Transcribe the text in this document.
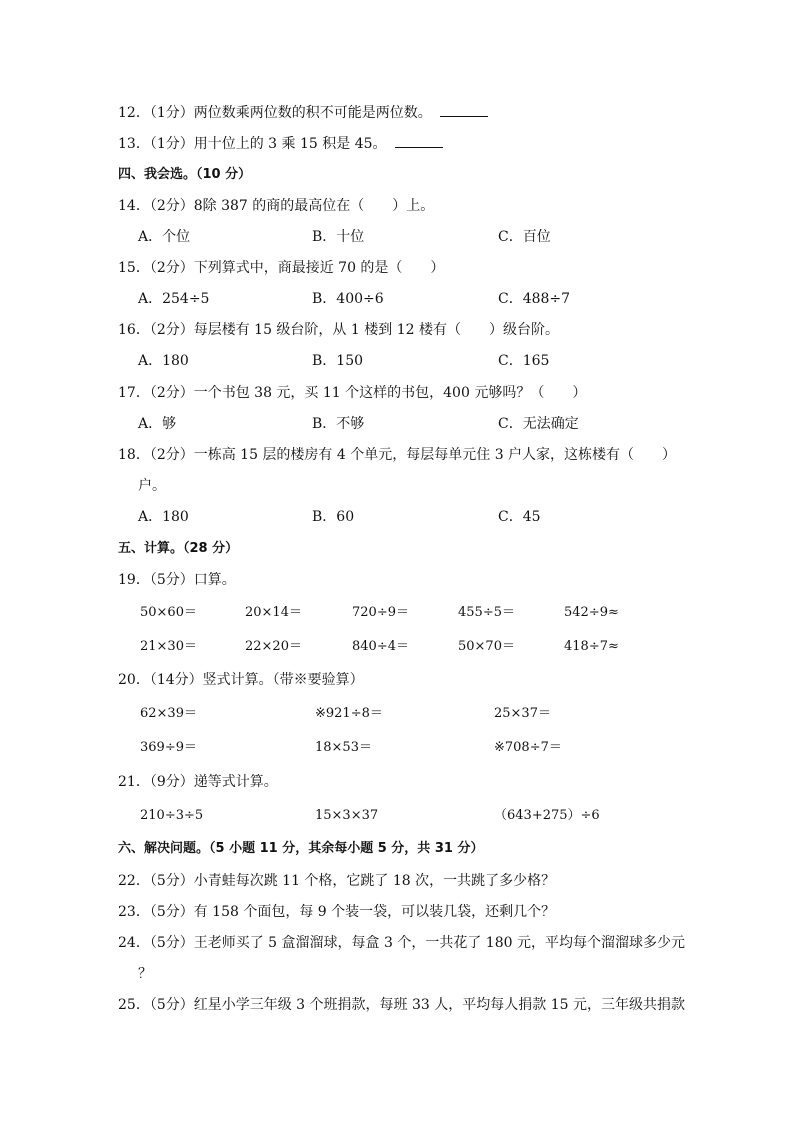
12．（1分）两位数乘两位数的积不可能是两位数。
13．（1分）用十位上的 3 乘 15 积是 45。
四、我会选。（10 分）
14．（2分）8除 387 的商的最高位在（　　）上。
A．个位	B．十位	C．百位
15．（2分）下列算式中，商最接近 70 的是（　　）
A．254÷5	B．400÷6	C．488÷7
16．（2分）每层楼有 15 级台阶，从 1 楼到 12 楼有（　　）级台阶。
A．180	B．150	C．165
17．（2分）一个书包 38 元，买 11 个这样的书包，400 元够吗？（　　）
A．够	B．不够	C．无法确定
18．（2分）一栋高 15 层的楼房有 4 个单元，每层每单元住 3 户人家，这栋楼有（　　）
户。
A．180	B．60	C．45
五、计算。（28 分）
19．（5分）口算。
50×60＝	20×14＝	720÷9＝	455÷5＝	542÷9≈
21×30＝	22×20＝	840÷4＝	50×70＝	418÷7≈
20．（14分）竖式计算。（带※要验算）
62×39＝	※921÷8＝	25×37＝
369÷9＝	18×53＝	※708÷7＝
21．（9分）递等式计算。
210÷3÷5	15×3×37	（643+275）÷6
六、解决问题。（5 小题 11 分，其余每小题 5 分，共 31 分）
22．（5分）小青蛙每次跳 11 个格，它跳了 18 次，一共跳了多少格？
23．（5分）有 158 个面包，每 9 个装一袋，可以装几袋，还剩几个？
24．（5分）王老师买了 5 盒溜溜球，每盒 3 个，一共花了 180 元，平均每个溜溜球多少元
？
25．（5分）红星小学三年级 3 个班捐款，每班 33 人，平均每人捐款 15 元，三年级共捐款
